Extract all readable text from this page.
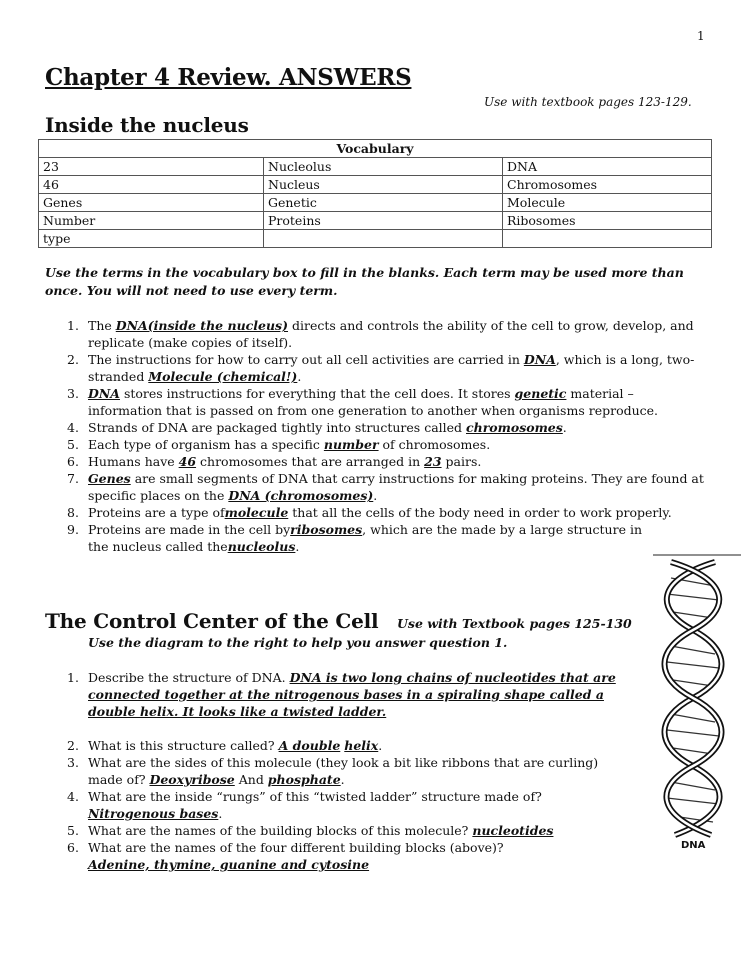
1
Chapter 4 Review. ANSWERS
Use with textbook pages 123-129.
Inside the nucleus
Vocabulary		
23	Nucleolus	DNA
46	Nucleus	Chromosomes
Genes	Genetic	Molecule
Number	Proteins	Ribosomes
type		
Use the terms in the vocabulary box to fill in the blanks. Each term may be used more than once. You will not need to use every term.
1. The DNA(inside the nucleus) directs and controls the ability of the cell to grow, develop, and replicate (make copies of itself).
2. The instructions for how to carry out all cell activities are carried in DNA, which is a long, two-stranded Molecule (chemical!).
3. DNA stores instructions for everything that the cell does. It stores genetic material – information that is passed on from one generation to another when organisms reproduce.
4. Strands of DNA are packaged tightly into structures called chromosomes.
5. Each type of organism has a specific number of chromosomes.
6. Humans have 46 chromosomes that are arranged in 23 pairs.
7. Genes are small segments of DNA that carry instructions for making proteins. They are found at specific places on the DNA (chromosomes).
8. Proteins are a type ofmolecule that all the cells of the body need in order to work properly.
9. Proteins are made in the cell byribosomes, which are the made by a large structure in the nucleus called thenucleolus.
The Control Center of the Cell Use with Textbook pages 125-130
Use the diagram to the right to help you answer question 1.
1. Describe the structure of DNA. DNA is two long chains of nucleotides that are connected together at the nitrogenous bases in a spiraling shape called a double helix. It looks like a twisted ladder.
2. What is this structure called? A double helix.
3. What are the sides of this molecule (they look a bit like ribbons that are curling) made of? Deoxyribose And phosphate.
4. What are the inside “rungs” of this “twisted ladder” structure made of?
Nitrogenous bases.
5. What are the names of the building blocks of this molecule? nucleotides
6. What are the names of the four different building blocks (above)?
Adenine, thymine, guanine and cytosine
DNA
